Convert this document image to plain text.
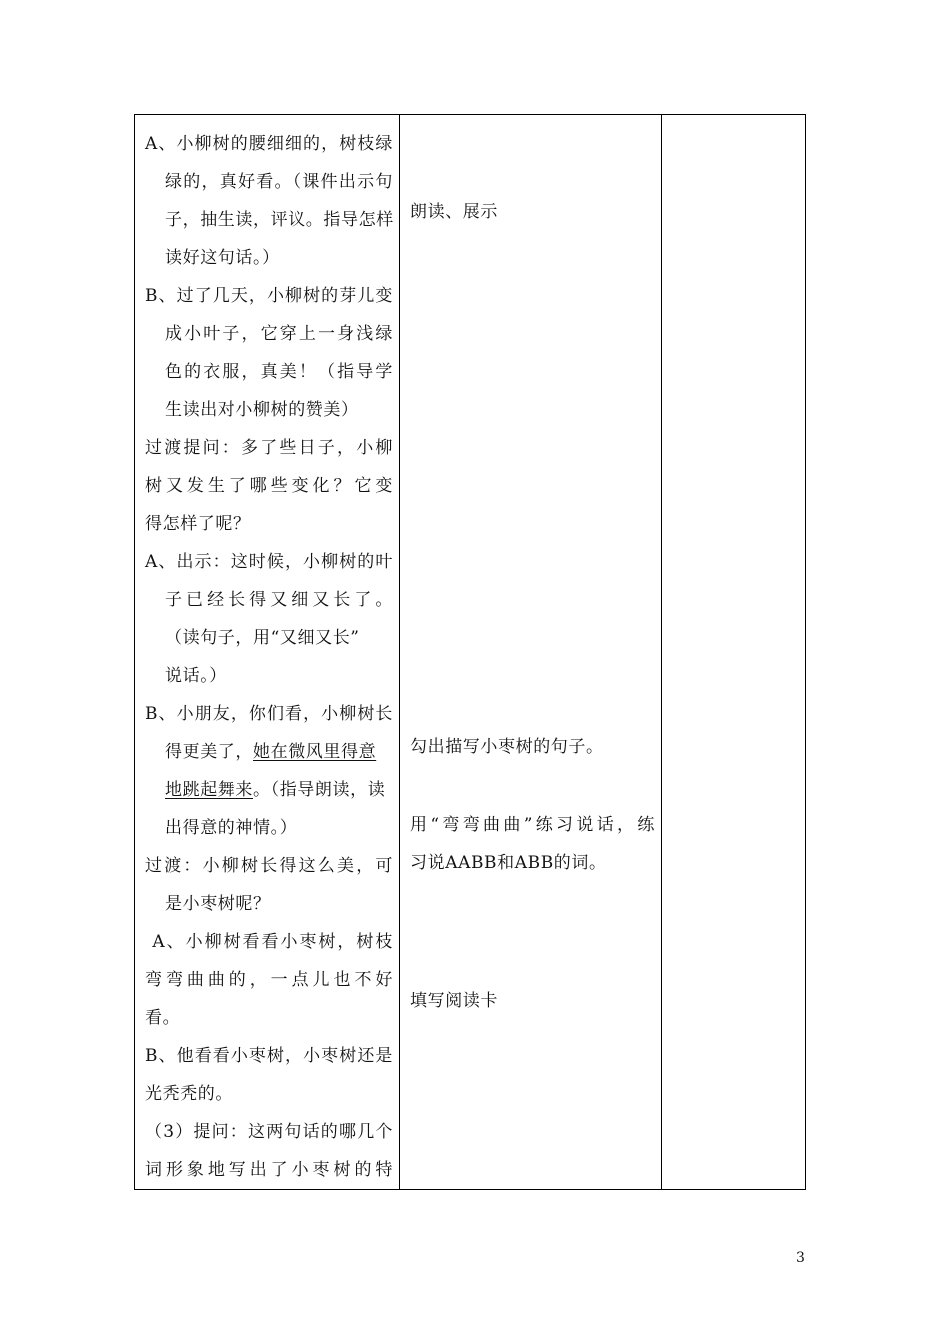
A、小柳树的腰细细的，树枝绿
绿的，真好看。（课件出示句
子，抽生读，评议。指导怎样
读好这句话。）
B、过了几天，小柳树的芽儿变
成小叶子，它穿上一身浅绿
色的衣服，真美！（指导学
生读出对小柳树的赞美）
过渡提问：多了些日子，小柳
树又发生了哪些变化？它变
得怎样了呢？
A、出示：这时候，小柳树的叶
子已经长得又细又长了。
（读句子，用“又细又长”
说话。）
B、小朋友，你们看，小柳树长
得更美了，她在微风里得意
地跳起舞来。（指导朗读，读
出得意的神情。）
过渡：小柳树长得这么美，可
是小枣树呢？
A、小柳树看看小枣树，树枝
弯弯曲曲的，一点儿也不好
看。
B、他看看小枣树，小枣树还是
光秃秃的。
（3）提问：这两句话的哪几个
词形象地写出了小枣树的特
朗读、展示
勾出描写小枣树的句子。
用“弯弯曲曲”练习说话，练
习说AABB和ABB的词。
填写阅读卡
3
